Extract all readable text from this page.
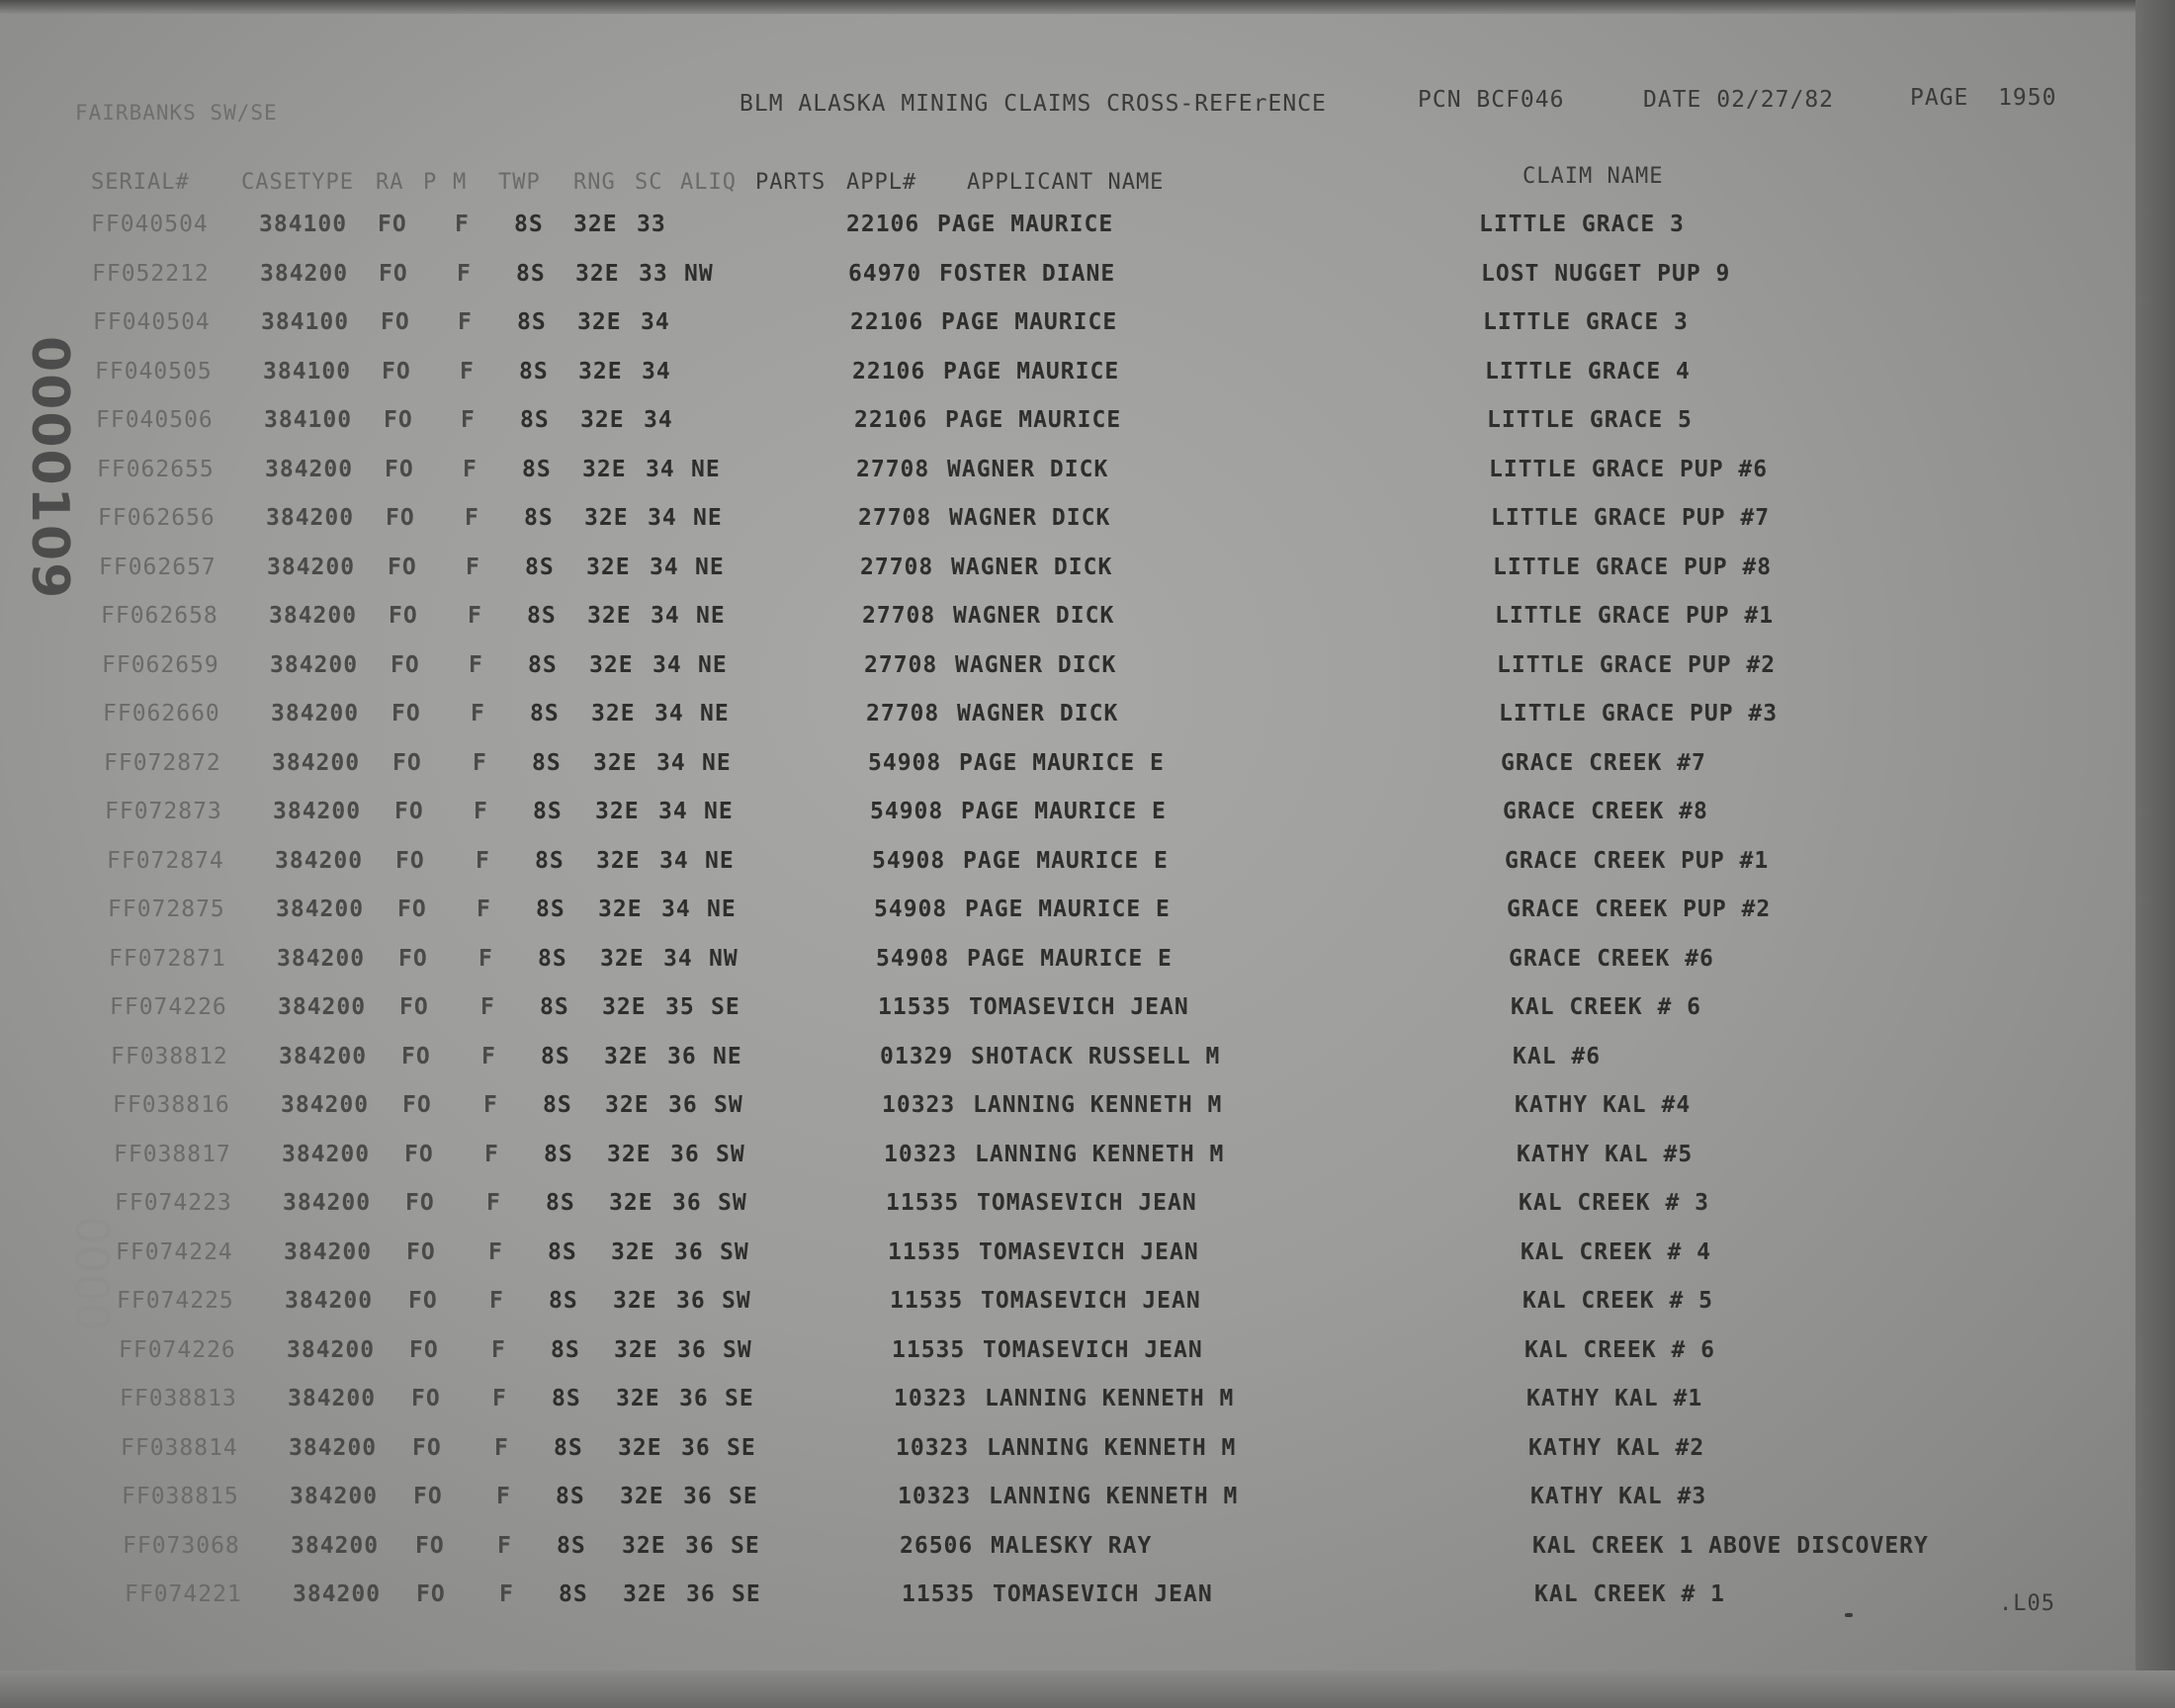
FAIRBANKS SW/SE	BLM ALASKA MINING CLAIMS CROSS-REFErENCE	PCN BCF046	DATE 02/27/82	PAGE  1950
SERIAL# CASETYPE RA P M TWP RNG SC ALIQ PARTS APPL# APPLICANT NAME	CLAIM NAME
FF040504 384100 FO F 8S 32E 33	22106 PAGE MAURICE	LITTLE GRACE 3
FF052212 384200 FO F 8S 32E 33 NW	64970 FOSTER DIANE	LOST NUGGET PUP 9
FF040504 384100 FO F 8S 32E 34	22106 PAGE MAURICE	LITTLE GRACE 3
FF040505 384100 FO F 8S 32E 34	22106 PAGE MAURICE	LITTLE GRACE 4
FF040506 384100 FO F 8S 32E 34	22106 PAGE MAURICE	LITTLE GRACE 5
FF062655 384200 FO F 8S 32E 34 NE	27708 WAGNER DICK	LITTLE GRACE PUP #6
FF062656 384200 FO F 8S 32E 34 NE	27708 WAGNER DICK	LITTLE GRACE PUP #7
FF062657 384200 FO F 8S 32E 34 NE	27708 WAGNER DICK	LITTLE GRACE PUP #8
FF062658 384200 FO F 8S 32E 34 NE	27708 WAGNER DICK	LITTLE GRACE PUP #1
FF062659 384200 FO F 8S 32E 34 NE	27708 WAGNER DICK	LITTLE GRACE PUP #2
FF062660 384200 FO F 8S 32E 34 NE	27708 WAGNER DICK	LITTLE GRACE PUP #3
FF072872 384200 FO F 8S 32E 34 NE	54908 PAGE MAURICE E	GRACE CREEK #7
FF072873 384200 FO F 8S 32E 34 NE	54908 PAGE MAURICE E	GRACE CREEK #8
FF072874 384200 FO F 8S 32E 34 NE	54908 PAGE MAURICE E	GRACE CREEK PUP #1
FF072875 384200 FO F 8S 32E 34 NE	54908 PAGE MAURICE E	GRACE CREEK PUP #2
FF072871 384200 FO F 8S 32E 34 NW	54908 PAGE MAURICE E	GRACE CREEK #6
FF074226 384200 FO F 8S 32E 35 SE	11535 TOMASEVICH JEAN	KAL CREEK # 6
FF038812 384200 FO F 8S 32E 36 NE	01329 SHOTACK RUSSELL M	KAL #6
FF038816 384200 FO F 8S 32E 36 SW	10323 LANNING KENNETH M	KATHY KAL #4
FF038817 384200 FO F 8S 32E 36 SW	10323 LANNING KENNETH M	KATHY KAL #5
FF074223 384200 FO F 8S 32E 36 SW	11535 TOMASEVICH JEAN	KAL CREEK # 3
FF074224 384200 FO F 8S 32E 36 SW	11535 TOMASEVICH JEAN	KAL CREEK # 4
FF074225 384200 FO F 8S 32E 36 SW	11535 TOMASEVICH JEAN	KAL CREEK # 5
FF074226 384200 FO F 8S 32E 36 SW	11535 TOMASEVICH JEAN	KAL CREEK # 6
FF038813 384200 FO F 8S 32E 36 SE	10323 LANNING KENNETH M	KATHY KAL #1
FF038814 384200 FO F 8S 32E 36 SE	10323 LANNING KENNETH M	KATHY KAL #2
FF038815 384200 FO F 8S 32E 36 SE	10323 LANNING KENNETH M	KATHY KAL #3
FF073068 384200 FO F 8S 32E 36 SE	26506 MALESKY RAY	KAL CREEK 1 ABOVE DISCOVERY
FF074221 384200 FO F 8S 32E 36 SE	11535 TOMASEVICH JEAN	KAL CREEK # 1
0000109
0000
.L05
